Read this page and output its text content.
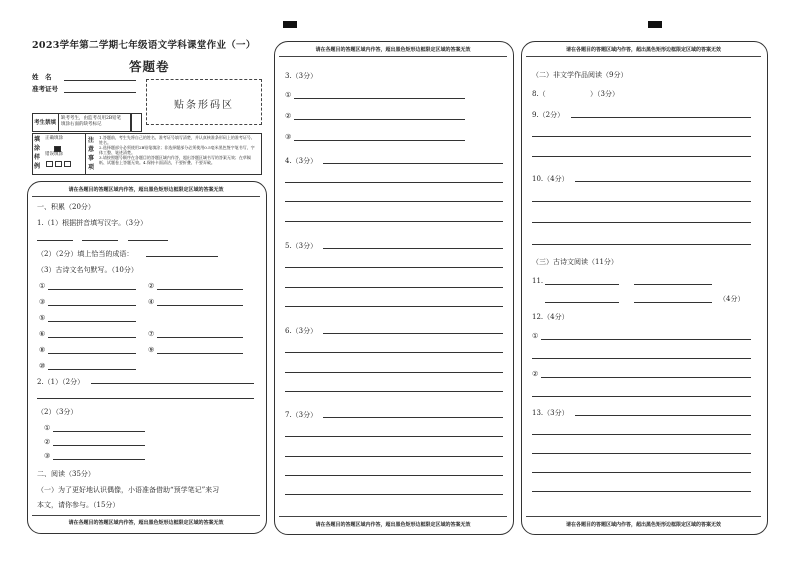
2023学年第二学期七年级语文学科课堂作业（一）
答题卷
姓　名
准考证号
贴条形码区
考生禁填
缺考考生，由监考员用2B铅笔
填涂右面的缺考标记
填
涂
样
例
正确填涂
错误填涂
注
意
事
项
1.答题前，考生先将自己的姓名、准考证号填写清楚，并认真核准条形码上的准考证号、姓名。
2.选择题部分必须使用2B铅笔填涂；非选择题部分必须使用0.5毫米黑色签字笔书写，字体工整、笔迹清楚。
3.请按照题号顺序在各题目的答题区域内作答，超出答题区域书写的答案无效；在草稿纸、试题卷上答题无效。4.保持卡面清洁，不要折叠、不要弄破。
请在各题目的答题区域内作答，超出黑色矩形边框限定区域的答案无效
请在各题目的答题区域内作答，超出黑色矩形边框限定区域的答案无效
一、积累（20分）
1.（1）根据拼音填写汉字。（3分）
（2）（2分）填上恰当的成语：
（3）古诗文名句默写。（10分）
①	②
③	④
⑤
⑥	⑦
⑧	⑨
⑩
2.（1）（2分）
（2）（3分）
①
②
③
二、阅读（35分）
（一）为了更好地认识偶像，小语准备借助“预学笔记”来习
本文，请你参与。（15分）
请在各题目的答题区域内作答，超出黑色矩形边框限定区域的答案无效
请在各题目的答题区域内作答，超出黑色矩形边框限定区域的答案无效
3.（3分）
①
②
③
4.（3分）
5.（3分）
6.（3分）
7.（3分）
请在各题目的答题区域内作答，超出黑色矩形边框限定区域的答案无效
请在各题目的答题区域内作答，超出黑色矩形边框限定区域的答案无效
（二）非文学作品阅读（9分）
8.（	）（3分）
9.（2分）
10.（4分）
（三）古诗文阅读（11分）
11.
（4分）
12.（4分）
①
②
13.（3分）
